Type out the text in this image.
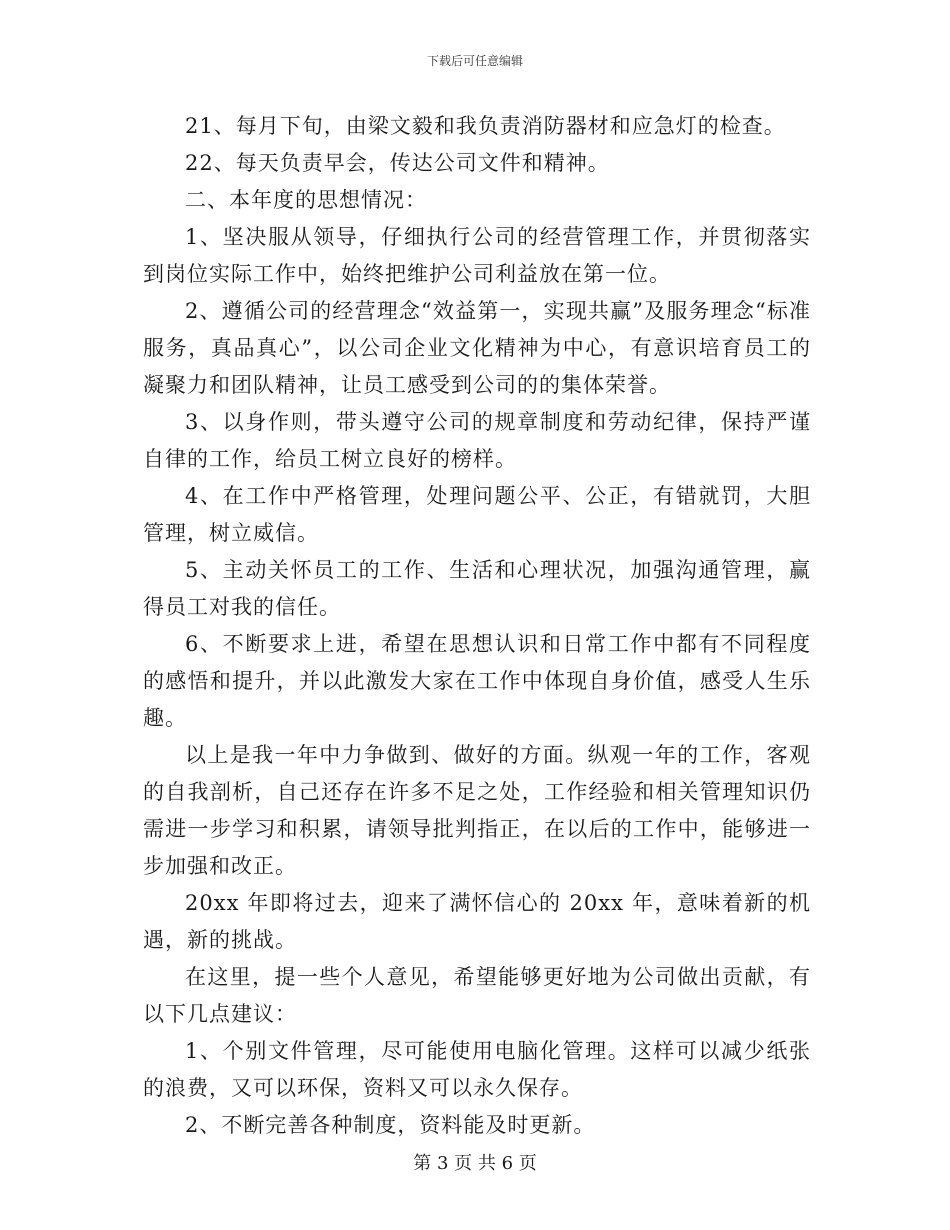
下载后可任意编辑

21、每月下旬，由梁文毅和我负责消防器材和应急灯的检查。

22、每天负责早会，传达公司文件和精神。

二、本年度的思想情况：

1、坚决服从领导，仔细执行公司的经营管理工作，并贯彻落实到岗位实际工作中，始终把维护公司利益放在第一位。

2、遵循公司的经营理念“效益第一，实现共赢”及服务理念“标准服务，真品真心”，以公司企业文化精神为中心，有意识培育员工的凝聚力和团队精神，让员工感受到公司的的集体荣誉。

3、以身作则，带头遵守公司的规章制度和劳动纪律，保持严谨自律的工作，给员工树立良好的榜样。

4、在工作中严格管理，处理问题公平、公正，有错就罚，大胆管理，树立威信。

5、主动关怀员工的工作、生活和心理状况，加强沟通管理，赢得员工对我的信任。

6、不断要求上进，希望在思想认识和日常工作中都有不同程度的感悟和提升，并以此激发大家在工作中体现自身价值，感受人生乐趣。

以上是我一年中力争做到、做好的方面。纵观一年的工作，客观的自我剖析，自己还存在许多不足之处，工作经验和相关管理知识仍需进一步学习和积累，请领导批判指正，在以后的工作中，能够进一步加强和改正。

20xx 年即将过去，迎来了满怀信心的 20xx 年，意味着新的机遇，新的挑战。

在这里，提一些个人意见，希望能够更好地为公司做出贡献，有以下几点建议：

1、个别文件管理，尽可能使用电脑化管理。这样可以减少纸张的浪费，又可以环保，资料又可以永久保存。

2、不断完善各种制度，资料能及时更新。

第 3 页 共 6 页
